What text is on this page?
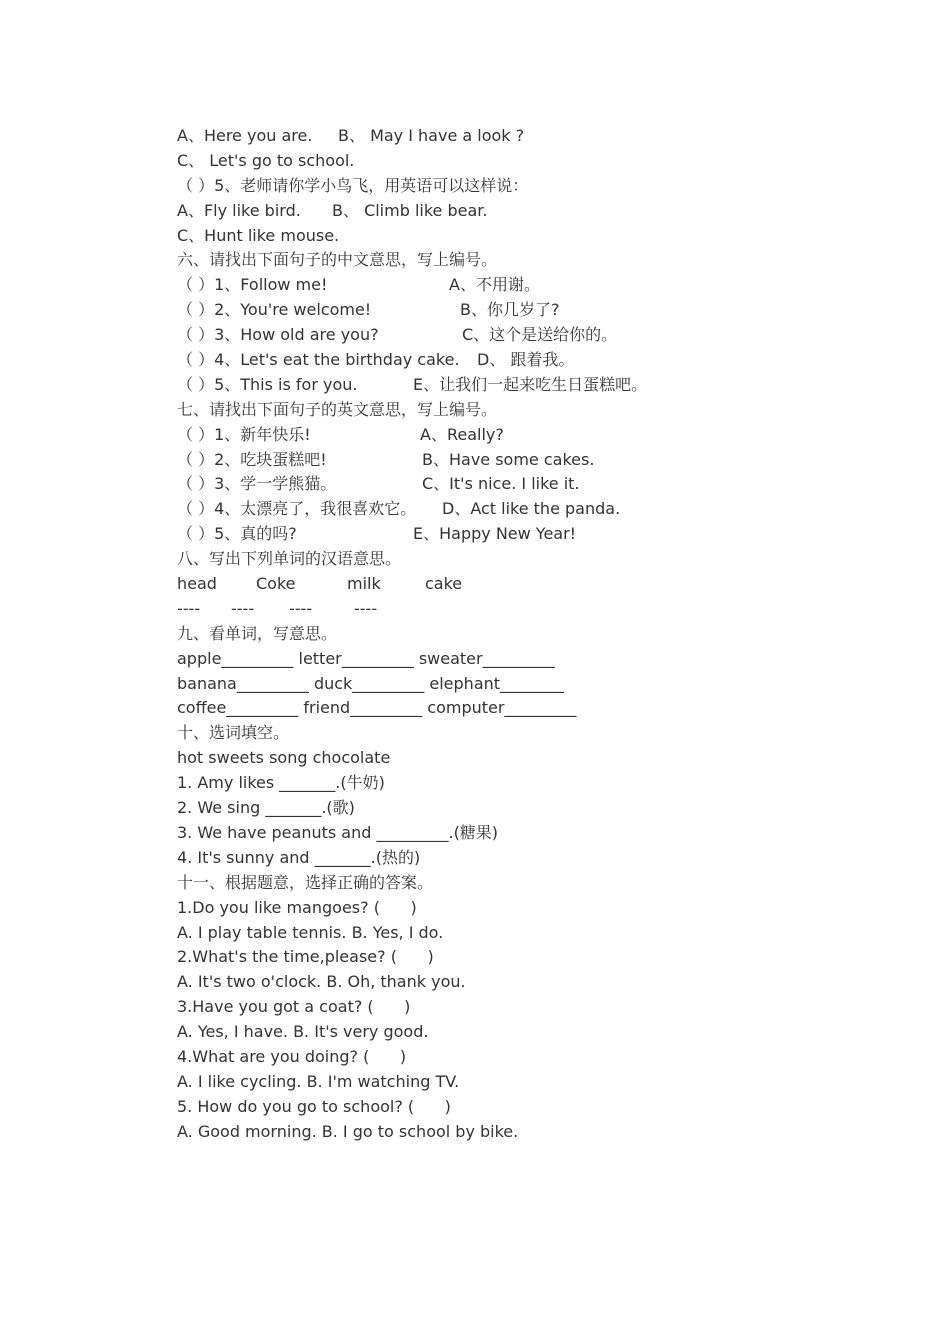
A、Here you are. B、 May I have a look ?
C、 Let's go to school.
（ ）5、老师请你学小鸟飞，用英语可以这样说：
A、Fly like bird. B、 Climb like bear.
C、Hunt like mouse.
六、请找出下面句子的中文意思，写上编号。
（ ）1、Follow me!	A、不用谢。
（ ）2、You're welcome!	B、你几岁了?
（ ）3、How old are you?	C、这个是送给你的。
（ ）4、Let's eat the birthday cake. D、 跟着我。
（ ）5、This is for you.	E、让我们一起来吃生日蛋糕吧。
七、请找出下面句子的英文意思，写上编号。
（ ）1、新年快乐!	A、Really?
（ ）2、吃块蛋糕吧!	B、Have some cakes.
（ ）3、学一学熊猫。	C、It's nice. I like it.
（ ）4、太漂亮了，我很喜欢它。 D、Act like the panda.
（ ）5、真的吗?	E、Happy New Year!
八、写出下列单词的汉语意思。
head Coke	milk	cake
---- ---- ----	----
九、看单词，写意思。
apple_________ letter_________ sweater_________
banana_________ duck_________ elephant________
coffee_________ friend_________ computer_________
十、选词填空。
hot sweets song chocolate
1. Amy likes _______.(牛奶)
2. We sing _______.(歌)
3. We have peanuts and _________.(糖果)
4. It's sunny and _______.(热的)
十一、根据题意，选择正确的答案。
1.Do you like mangoes? (      )
A. I play table tennis. B. Yes, I do.
2.What's the time,please? (      )
A. It's two o'clock. B. Oh, thank you.
3.Have you got a coat? (      )
A. Yes, I have. B. It's very good.
4.What are you doing? (      )
A. I like cycling. B. I'm watching TV.
5. How do you go to school? (      )
A. Good morning. B. I go to school by bike.
